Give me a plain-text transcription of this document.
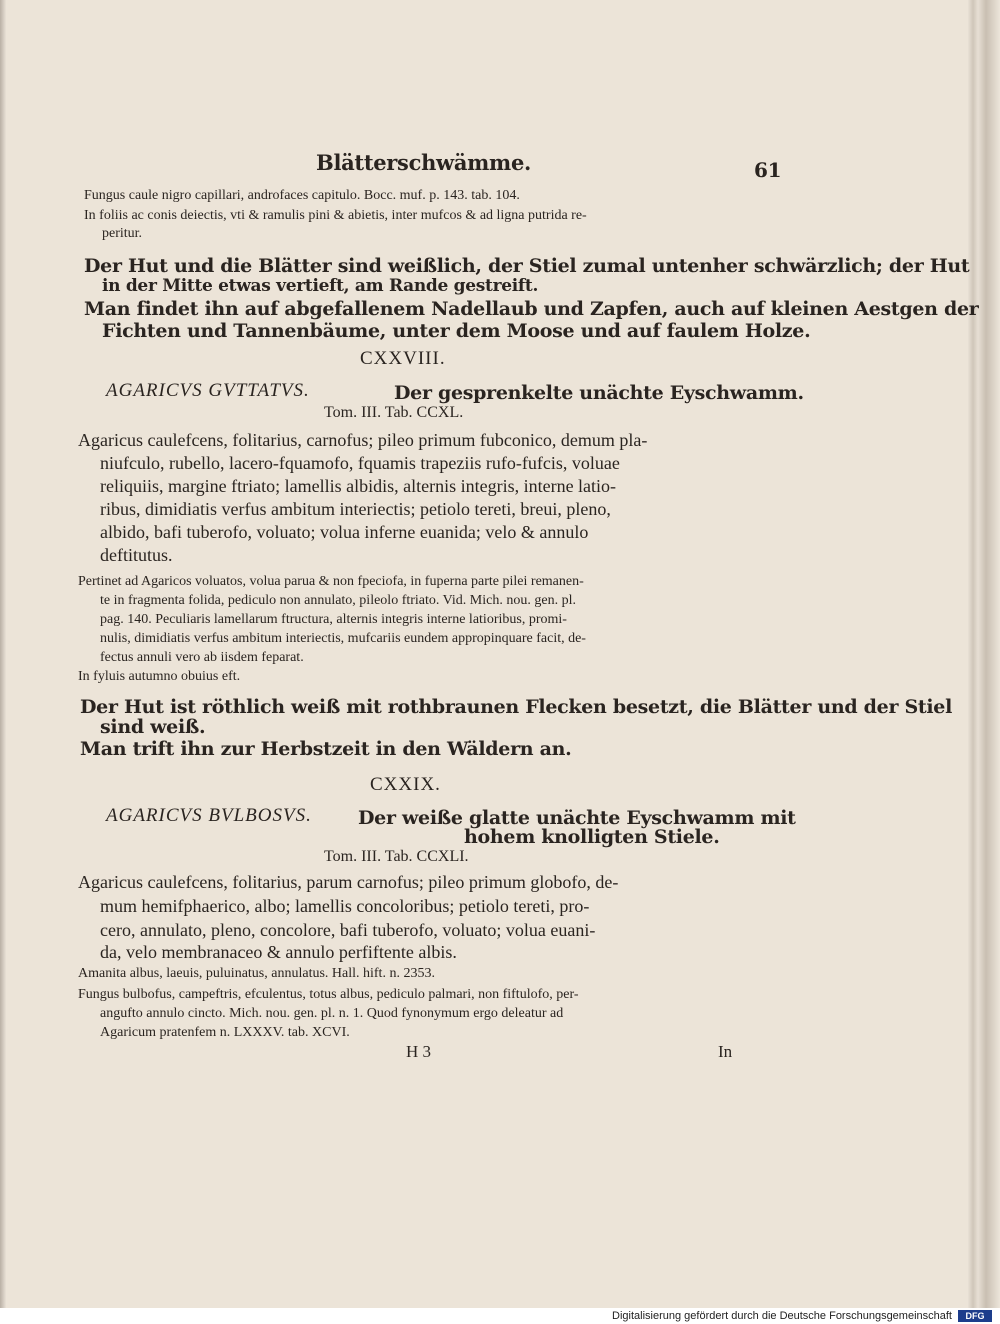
Blätterschwämme.	61
Fungus caule nigro capillari, androfaces capitulo. Bocc. muf. p. 143. tab. 104.
In foliis ac conis deiectis, vti & ramulis pini & abietis, inter mufcos & ad ligna putrida re-
peritur.
Der Hut und die Blätter sind weißlich, der Stiel zumal untenher schwärzlich; der Hut
in der Mitte etwas vertieft, am Rande gestreift.
Man findet ihn auf abgefallenem Nadellaub und Zapfen, auch auf kleinen Aestgen der
Fichten und Tannenbäume, unter dem Moose und auf faulem Holze.
CXXVIII.
AGARICVS GVTTATVS.	Der gesprenkelte unächte Eyschwamm.
Tom. III. Tab. CCXL.
Agaricus caulefcens, folitarius, carnofus; pileo primum fubconico, demum pla-
niufculo, rubello, lacero-fquamofo, fquamis trapeziis rufo-fufcis, voluae
reliquiis, margine ftriato; lamellis albidis, alternis integris, interne latio-
ribus, dimidiatis verfus ambitum interiectis; petiolo tereti, breui, pleno,
albido, bafi tuberofo, voluato; volua inferne euanida; velo & annulo
deftitutus.
Pertinet ad Agaricos voluatos, volua parua & non fpeciofa, in fuperna parte pilei remanen-
te in fragmenta folida, pediculo non annulato, pileolo ftriato. Vid. Mich. nou. gen. pl.
pag. 140. Peculiaris lamellarum ftructura, alternis integris interne latioribus, promi-
nulis, dimidiatis verfus ambitum interiectis, mufcariis eundem appropinquare facit, de-
fectus annuli vero ab iisdem feparat.
In fyluis autumno obuius eft.
Der Hut ist röthlich weiß mit rothbraunen Flecken besetzt, die Blätter und der Stiel
sind weiß.
Man trift ihn zur Herbstzeit in den Wäldern an.
CXXIX.
AGARICVS BVLBOSVS. Der weiße glatte unächte Eyschwamm mit
hohem knolligten Stiele.
Tom. III. Tab. CCXLI.
Agaricus caulefcens, folitarius, parum carnofus; pileo primum globofo, de-
mum hemifphaerico, albo; lamellis concoloribus; petiolo tereti, pro-
cero, annulato, pleno, concolore, bafi tuberofo, voluato; volua euani-
da, velo membranaceo & annulo perfiftente albis.
Amanita albus, laeuis, puluinatus, annulatus. Hall. hift. n. 2353.
Fungus bulbofus, campeftris, efculentus, totus albus, pediculo palmari, non fiftulofo, per-
angufto annulo cincto. Mich. nou. gen. pl. n. 1. Quod fynonymum ergo deleatur ad
Agaricum pratenfem n. LXXXV. tab. XCVI.
H 3	In
Digitalisierung gefördert durch die Deutsche Forschungsgemeinschaft	DFG
